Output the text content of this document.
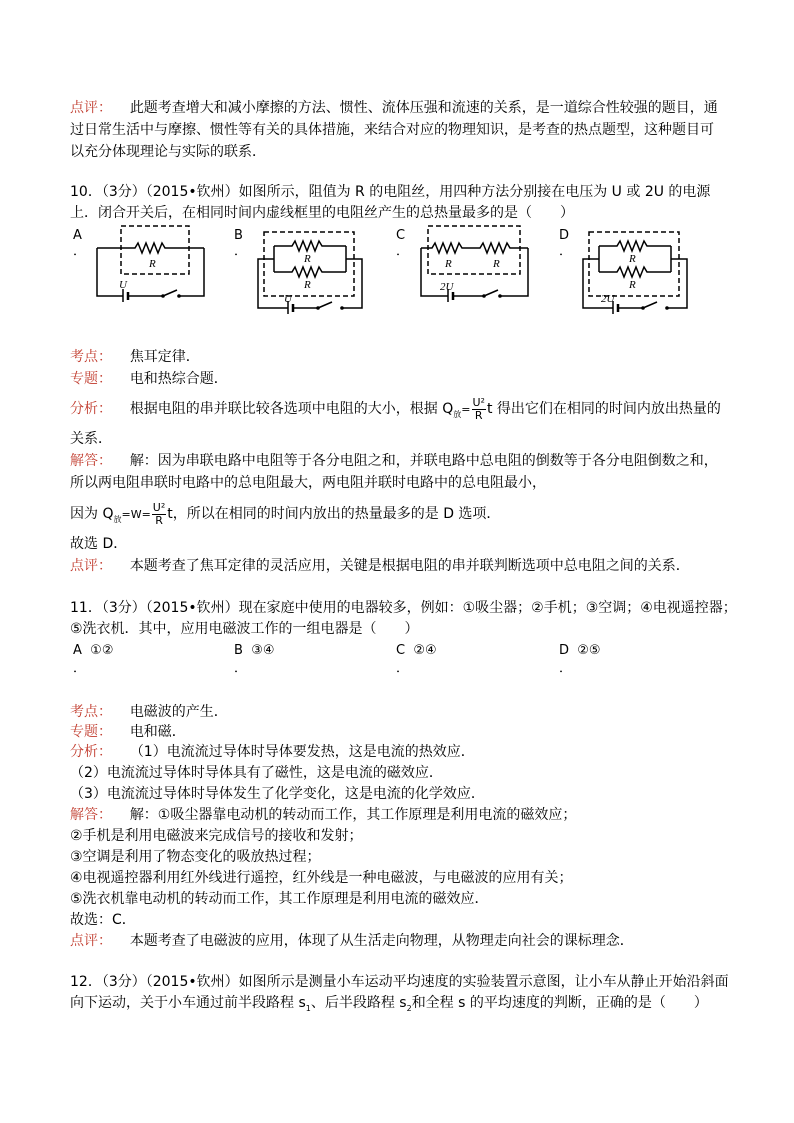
点评： 此题考查增大和减小摩擦的方法、惯性、流体压强和流速的关系，是一道综合性较强的题目，通
过日常生活中与摩擦、惯性等有关的具体措施，来结合对应的物理知识，是考查的热点题型，这种题目可
以充分体现理论与实际的联系．
10．（3分）（2015•钦州）如图所示，阻值为 R 的电阻丝，用四种方法分别接在电压为 U 或 2U 的电源
上．闭合开关后，在相同时间内虚线框里的电阻丝产生的总热量最多的是（　　）
A
．
R
U
B
．	R
R
U
C
．
R	R
2U
D
．	R
R
2U
考点： 焦耳定律．
专题： 电和热综合题．
分析： 根据电阻的串并联比较各选项中电阻的大小，根据 $Q_放= \frac{\text{U²}}{R}$ t 得出它们在相同的时间内放出热量的
关系．
解答： 解：因为串联电路中电阻等于各分电阻之和，并联电路中总电阻的倒数等于各分电阻倒数之和，
所以两电阻串联时电路中的总电阻最大，两电阻并联时电路中的总电阻最小，
因为 $Q_放=W= \frac{\text{U²}}{R}$ t，所以在相同的时间内放出的热量最多的是 D 选项．
故选 D．
点评： 本题考查了焦耳定律的灵活应用，关键是根据电阻的串并联判断选项中总电阻之间的关系．
11．（3分）（2015•钦州）现在家庭中使用的电器较多，例如：①吸尘器；②手机；③空调；④电视遥控器；
⑤洗衣机．其中，应用电磁波工作的一组电器是（　　）
A ①②
．
B ③④
．
C ②④
．
D ②⑤
．
考点： 电磁波的产生．
专题： 电和磁．
分析： （1）电流流过导体时导体要发热，这是电流的热效应．
（2）电流流过导体时导体具有了磁性，这是电流的磁效应．
（3）电流流过导体时导体发生了化学变化，这是电流的化学效应．
解答： 解：①吸尘器靠电动机的转动而工作，其工作原理是利用电流的磁效应；
②手机是利用电磁波来完成信号的接收和发射；
③空调是利用了物态变化的吸放热过程；
④电视遥控器利用红外线进行遥控，红外线是一种电磁波，与电磁波的应用有关；
⑤洗衣机靠电动机的转动而工作，其工作原理是利用电流的磁效应．
故选：C．
点评： 本题考查了电磁波的应用，体现了从生活走向物理，从物理走向社会的课标理念．
12．（3分）（2015•钦州）如图所示是测量小车运动平均速度的实验装置示意图，让小车从静止开始沿斜面
向下运动，关于小车通过前半段路程 $s_1$、后半段路程 $s_2$和全程 s 的平均速度的判断，正确的是（　　）
